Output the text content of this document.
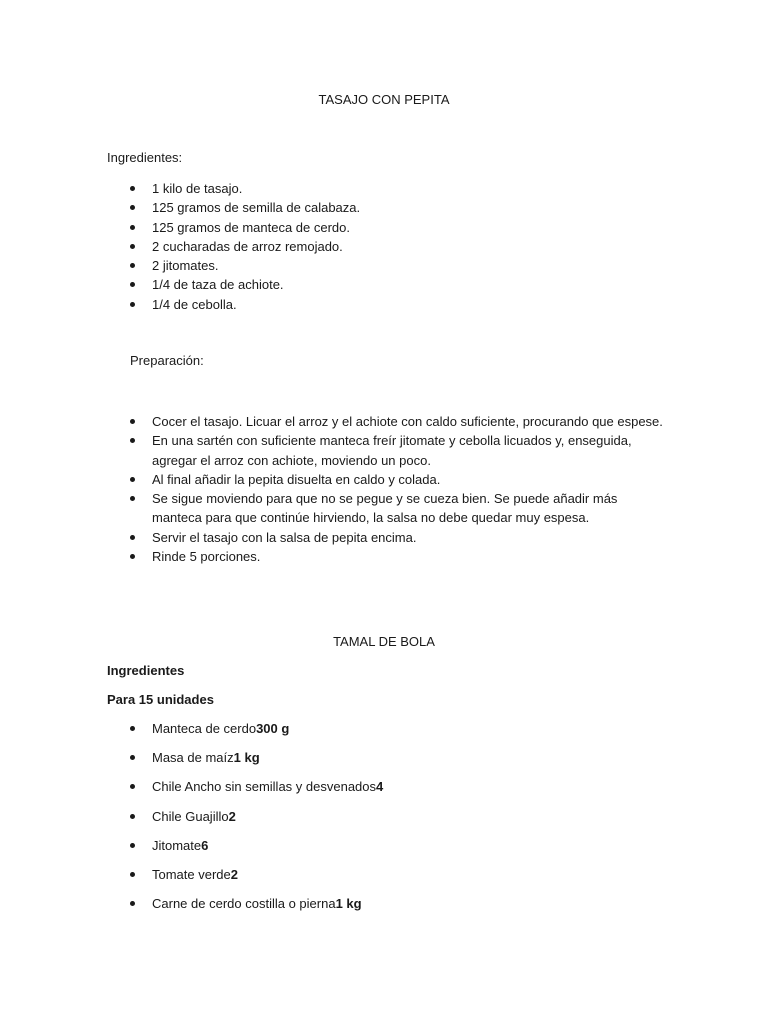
TASAJO CON PEPITA
Ingredientes:
1 kilo de tasajo.
125 gramos de semilla de calabaza.
125 gramos de manteca de cerdo.
2 cucharadas de arroz remojado.
2 jitomates.
1/4 de taza de achiote.
1/4 de cebolla.
Preparación:
Cocer el tasajo. Licuar el arroz y el achiote con caldo suficiente, procurando que espese.
En una sartén con suficiente manteca freír jitomate y cebolla licuados y, enseguida, agregar el arroz con achiote, moviendo un poco.
Al final añadir la pepita disuelta en caldo y colada.
Se sigue moviendo para que no se pegue y se cueza bien. Se puede añadir más manteca para que continúe hirviendo, la salsa no debe quedar muy espesa.
Servir el tasajo con la salsa de pepita encima.
Rinde 5 porciones.
TAMAL DE BOLA
Ingredientes
Para 15 unidades
Manteca de cerdo300 g
Masa de maíz1 kg
Chile Ancho sin semillas y desvenados4
Chile Guajillo2
Jitomate6
Tomate verde2
Carne de cerdo costilla o pierna1 kg
